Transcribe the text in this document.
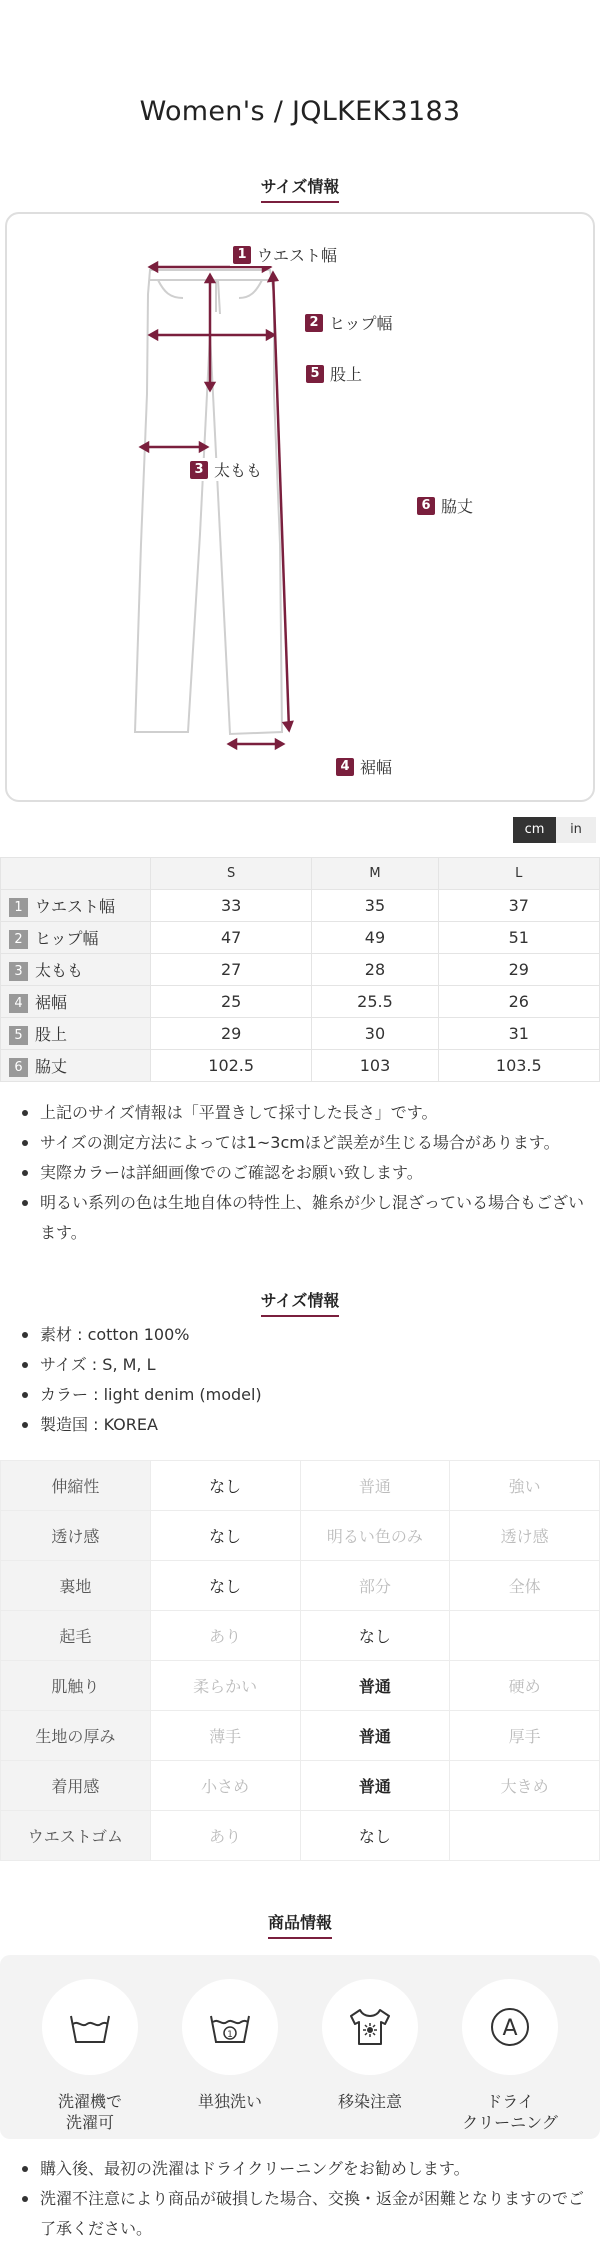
Women's / JQLKEK3183
サイズ情報
1 ウエスト幅
2 ヒップ幅
5 股上
3 太もも
6 脇丈
4 裾幅
cm	in
	S	M	L
1 ウエスト幅	33	35	37
2 ヒップ幅	47	49	51
3 太もも	27	28	29
4 裾幅	25	25.5	26
5 股上	29	30	31
6 脇丈	102.5	103	103.5
上記のサイズ情報は「平置きして採寸した長さ」です。
サイズの測定方法によっては1~3cmほど誤差が生じる場合があります。
実際カラーは詳細画像でのご確認をお願い致します。
明るい系列の色は生地自体の特性上、雑糸が少し混ざっている場合もございます。
サイズ情報
素材 : cotton 100%
サイズ : S, M, L
カラー : light denim (model)
製造国 : KOREA
伸縮性	なし	普通	強い
透け感	なし	明るい色のみ	透け感
裏地	なし	部分	全体
起毛	あり	なし	
肌触り	柔らかい	普通	硬め
生地の厚み	薄手	普通	厚手
着用感	小さめ	普通	大きめ
ウエストゴム	あり	なし	
商品情報
洗濯機で
洗濯可
1
単独洗い	移染注意
A
ドライ
クリーニング
購入後、最初の洗濯はドライクリーニングをお勧めします。
洗濯不注意により商品が破損した場合、交換・返金が困難となりますのでご了承ください。
